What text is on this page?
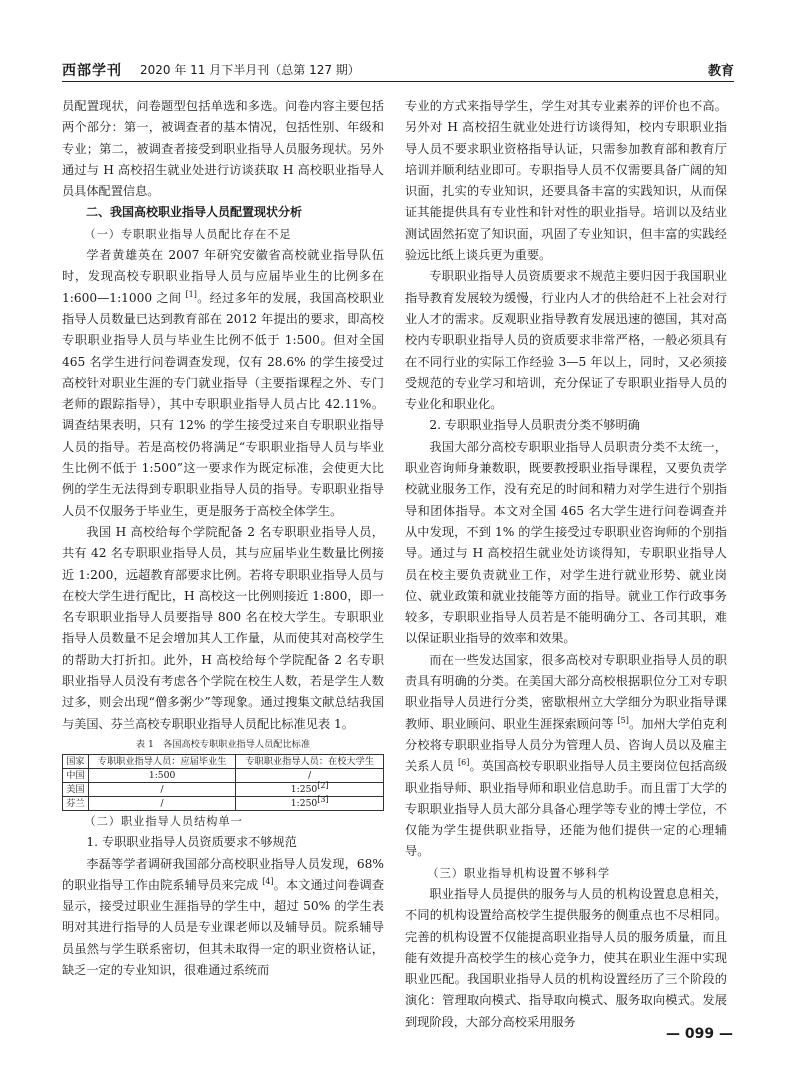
西部学刊 2020 年 11 月下半月刊（总第 127 期）	教育

员配置现状，问卷题型包括单选和多选。问卷内容主要包括两个部分：第一，被调查者的基本情况，包括性别、年级和专业；第二，被调查者接受到职业指导人员服务现状。另外通过与 H 高校招生就业处进行访谈获取 H 高校职业指导人员具体配置信息。

二、我国高校职业指导人员配置现状分析

（一）专职职业指导人员配比存在不足

学者黄雄英在 2007 年研究安徽省高校就业指导队伍时，发现高校专职职业指导人员与应届毕业生的比例多在 1:600—1:1000 之间 [1]。经过多年的发展，我国高校职业指导人员数量已达到教育部在 2012 年提出的要求，即高校专职职业指导人员与毕业生比例不低于 1:500。但对全国 465 名学生进行问卷调查发现，仅有 28.6% 的学生接受过高校针对职业生涯的专门就业指导（主要指课程之外、专门老师的跟踪指导），其中专职职业指导人员占比 42.11%。调查结果表明，只有 12% 的学生接受过来自专职职业指导人员的指导。若是高校仍将满足“专职职业指导人员与毕业生比例不低于 1:500”这一要求作为既定标准，会使更大比例的学生无法得到专职职业指导人员的指导。专职职业指导人员不仅服务于毕业生，更是服务于高校全体学生。

我国 H 高校给每个学院配备 2 名专职职业指导人员，共有 42 名专职职业指导人员，其与应届毕业生数量比例接近 1:200，远超教育部要求比例。若将专职职业指导人员与在校大学生进行配比，H 高校这一比例则接近 1:800，即一名专职职业指导人员要指导 800 名在校大学生。专职职业指导人员数量不足会增加其人工作量，从而使其对高校学生的帮助大打折扣。此外，H 高校给每个学院配备 2 名专职职业指导人员没有考虑各个学院在校生人数，若是学生人数过多，则会出现“僧多粥少”等现象。通过搜集文献总结我国与美国、芬兰高校专职职业指导人员配比标准见表 1。

表 1　各国高校专职职业指导人员配比标准
国家	专职职业指导人员：应届毕业生	专职职业指导人员：在校大学生
中国	1:500	/
美国	/	1:250[2]
芬兰	/	1:250[3]

（二）职业指导人员结构单一

1. 专职职业指导人员资质要求不够规范

李磊等学者调研我国部分高校职业指导人员发现，68% 的职业指导工作由院系辅导员来完成 [4]。本文通过问卷调查显示，接受过职业生涯指导的学生中，超过 50% 的学生表明对其进行指导的人员是专业课老师以及辅导员。院系辅导员虽然与学生联系密切，但其未取得一定的职业资格认证，缺乏一定的专业知识，很难通过系统而

专业的方式来指导学生，学生对其专业素养的评价也不高。另外对 H 高校招生就业处进行访谈得知，校内专职职业指导人员不要求职业资格指导认证，只需参加教育部和教育厅培训并顺利结业即可。专职指导人员不仅需要具备广阔的知识面，扎实的专业知识，还要具备丰富的实践知识，从而保证其能提供具有专业性和针对性的职业指导。培训以及结业测试固然拓宽了知识面，巩固了专业知识，但丰富的实践经验远比纸上谈兵更为重要。

专职职业指导人员资质要求不规范主要归因于我国职业指导教育发展较为缓慢，行业内人才的供给赶不上社会对行业人才的需求。反观职业指导教育发展迅速的德国，其对高校内专职职业指导人员的资质要求非常严格，一般必须具有在不同行业的实际工作经验 3—5 年以上，同时，又必须接受规范的专业学习和培训，充分保证了专职职业指导人员的专业化和职业化。

2. 专职职业指导人员职责分类不够明确

我国大部分高校专职职业指导人员职责分类不太统一，职业咨询师身兼数职，既要教授职业指导课程，又要负责学校就业服务工作，没有充足的时间和精力对学生进行个别指导和团体指导。本文对全国 465 名大学生进行问卷调查并从中发现，不到 1% 的学生接受过专职职业咨询师的个别指导。通过与 H 高校招生就业处访谈得知，专职职业指导人员在校主要负责就业工作，对学生进行就业形势、就业岗位、就业政策和就业技能等方面的指导。就业工作行政事务较多，专职职业指导人员若是不能明确分工、各司其职，难以保证职业指导的效率和效果。

而在一些发达国家，很多高校对专职职业指导人员的职责具有明确的分类。在美国大部分高校根据职位分工对专职职业指导人员进行分类，密歇根州立大学细分为职业指导课教师、职业顾问、职业生涯探索顾问等 [5]。加州大学伯克利分校将专职职业指导人员分为管理人员、咨询人员以及雇主关系人员 [6]。英国高校专职职业指导人员主要岗位包括高级职业指导师、职业指导师和职业信息助手。而且雷丁大学的专职职业指导人员大部分具备心理学等专业的博士学位，不仅能为学生提供职业指导，还能为他们提供一定的心理辅导。

（三）职业指导机构设置不够科学

职业指导人员提供的服务与人员的机构设置息息相关，不同的机构设置给高校学生提供服务的侧重点也不尽相同。完善的机构设置不仅能提高职业指导人员的服务质量，而且能有效提升高校学生的核心竞争力，使其在职业生涯中实现职业匹配。我国职业指导人员的机构设置经历了三个阶段的演化：管理取向模式、指导取向模式、服务取向模式。发展到现阶段，大部分高校采用服务

— 099 —
